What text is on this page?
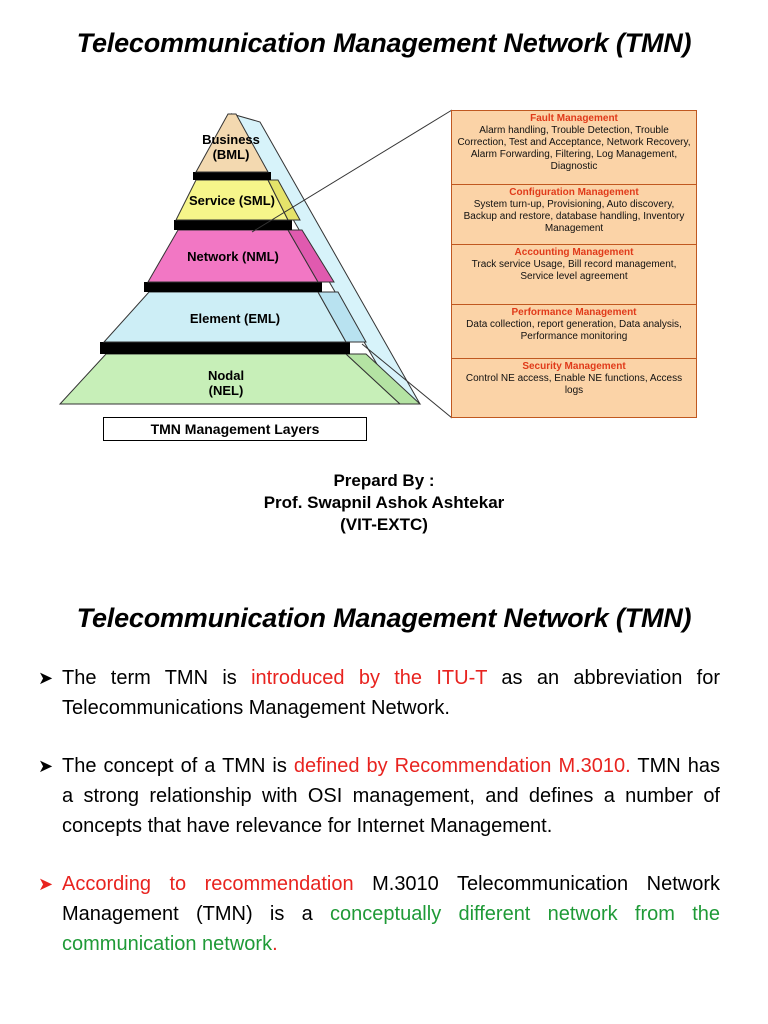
Telecommunication Management Network (TMN)
Business
(BML)
Service (SML)
Network (NML)
Element (EML)
Nodal
(NEL)
TMN Management Layers
Fault Management
Alarm handling, Trouble Detection, Trouble Correction, Test and Acceptance, Network Recovery, Alarm Forwarding, Filtering, Log Management, Diagnostic
Configuration Management
System turn-up, Provisioning, Auto discovery, Backup and restore, database handling, Inventory Management
Accounting Management
Track service Usage, Bill record management, Service level agreement
Performance Management
Data collection, report generation, Data analysis, Performance monitoring
Security Management
Control NE access, Enable NE functions, Access logs
Prepard By :
Prof. Swapnil Ashok Ashtekar
(VIT-EXTC)
Telecommunication Management Network (TMN)
➤ The term TMN is introduced by the ITU-T as an abbreviation for Telecommunications Management Network.
➤ The concept of a TMN is defined by Recommendation M.3010. TMN has a strong relationship with OSI management, and defines a number of concepts that have relevance for Internet Management.
➤ According to recommendation M.3010 Telecommunication Network Management (TMN) is a conceptually different network from the communication network.
